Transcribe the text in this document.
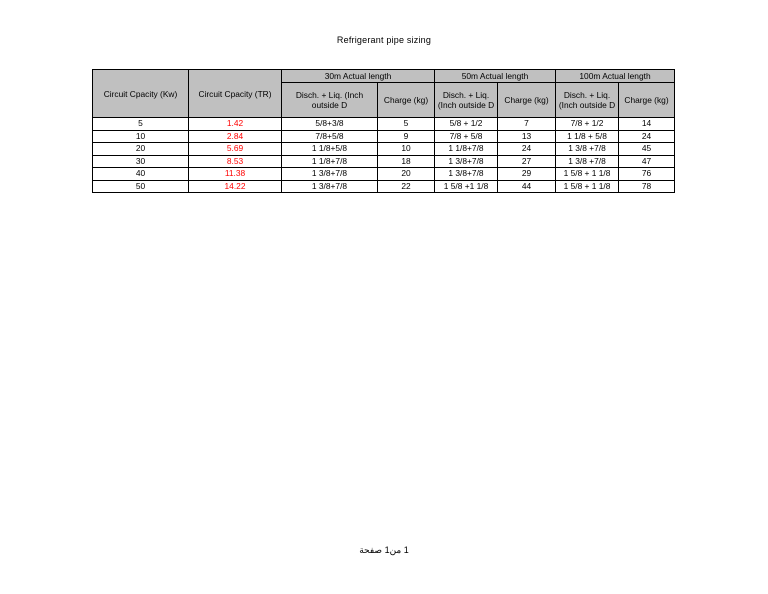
Refrigerant pipe sizing
Circuit Cpacity (Kw)	Circuit Cpacity (TR)	30m Actual length		50m Actual length		100m Actual length	
		Disch. + Liq. (Inch outside D	Charge (kg)	Disch. + Liq. (Inch outside D	Charge (kg)	Disch. + Liq. (Inch outside D	Charge (kg)
5	1.42	5/8+3/8	5	5/8 + 1/2	7	7/8 + 1/2	14
10	2.84	7/8+5/8	9	7/8 + 5/8	13	1 1/8 + 5/8	24
20	5.69	1 1/8+5/8	10	1 1/8+7/8	24	1 3/8 +7/8	45
30	8.53	1 1/8+7/8	18	1 3/8+7/8	27	1 3/8 +7/8	47
40	11.38	1 3/8+7/8	20	1 3/8+7/8	29	1 5/8 + 1 1/8	76
50	14.22	1 3/8+7/8	22	1 5/8 +1 1/8	44	1 5/8 + 1 1/8	78
1 من1 صفحة
